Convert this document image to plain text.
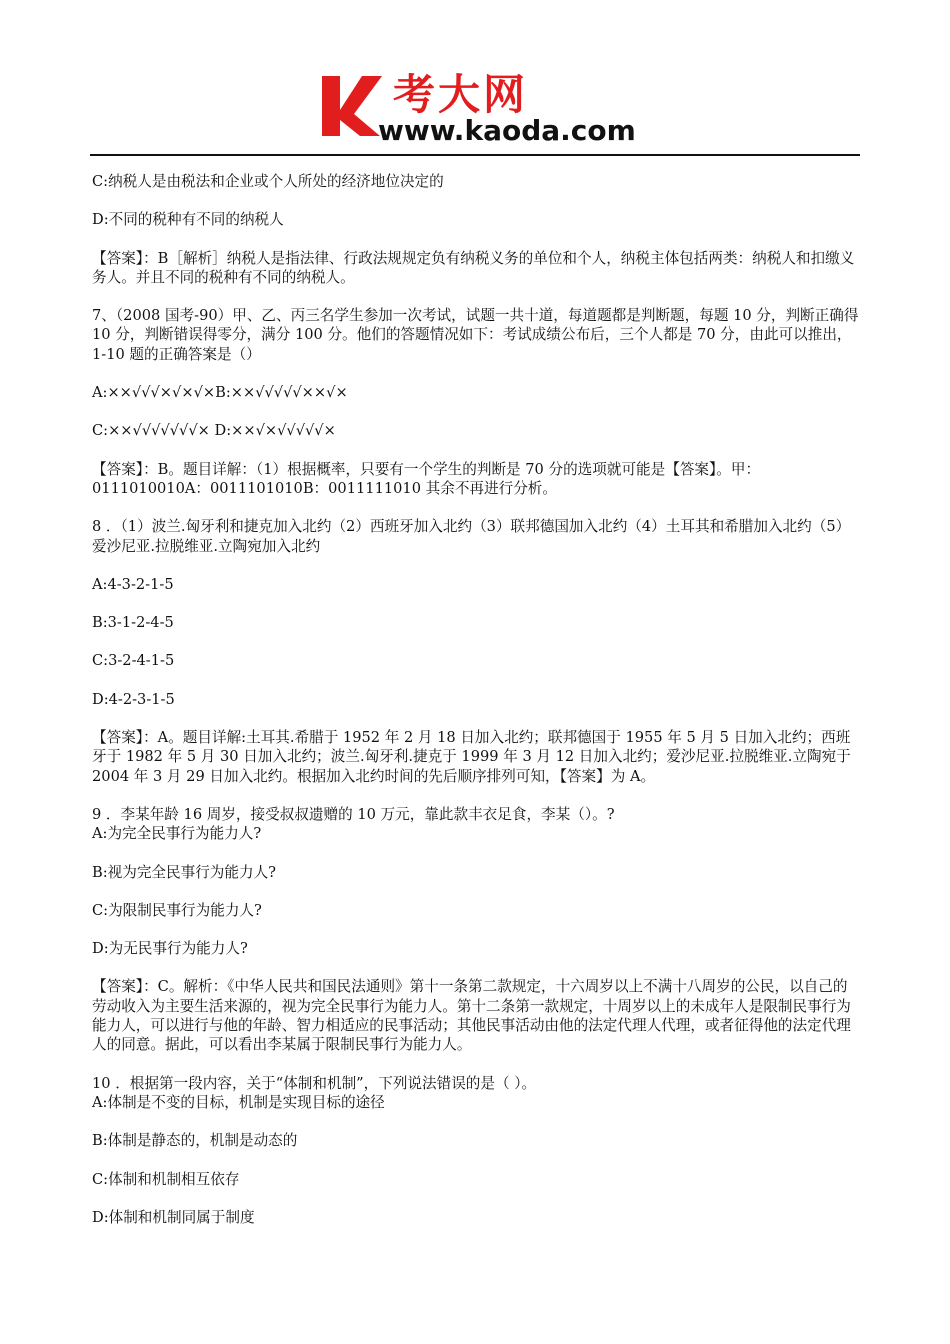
考大网
www.kaoda.com

C:纳税人是由税法和企业或个人所处的经济地位决定的

D:不同的税种有不同的纳税人

【答案】：B［解析］纳税人是指法律、行政法规规定负有纳税义务的单位和个人，纳税主体包括两类：纳税人和扣缴义务人。并且不同的税种有不同的纳税人。

7、（2008 国考-90）甲、乙、丙三名学生参加一次考试，试题一共十道，每道题都是判断题，每题 10 分，判断正确得 10 分，判断错误得零分，满分 100 分。他们的答题情况如下：考试成绩公布后，三个人都是 70 分，由此可以推出，1-10 题的正确答案是（）

A:××√√√×√×√×B:××√√√√√××√×

C:××√√√√√√√× D:××√×√√√√√×

【答案】：B。题目详解：（1）根据概率，只要有一个学生的判断是 70 分的选项就可能是【答案】。甲：0111010010A：0011101010B：0011111010 其余不再进行分析。

8 ．（1）波兰.匈牙利和捷克加入北约（2）西班牙加入北约（3）联邦德国加入北约（4）土耳其和希腊加入北约（5）爱沙尼亚.拉脱维亚.立陶宛加入北约

A:4-3-2-1-5

B:3-1-2-4-5

C:3-2-4-1-5

D:4-2-3-1-5

【答案】：A。题目详解:土耳其.希腊于 1952 年 2 月 18 日加入北约；联邦德国于 1955 年 5 月 5 日加入北约；西班牙于 1982 年 5 月 30 日加入北约；波兰.匈牙利.捷克于 1999 年 3 月 12 日加入北约；爱沙尼亚.拉脱维亚.立陶宛于 2004 年 3 月 29 日加入北约。根据加入北约时间的先后顺序排列可知，【答案】为 A。

9 ．李某年龄 16 周岁，接受叔叔遗赠的 10 万元，靠此款丰衣足食，李某（）。?

A:为完全民事行为能力人?

B:视为完全民事行为能力人?

C:为限制民事行为能力人?

D:为无民事行为能力人?

【答案】：C。解析：《中华人民共和国民法通则》第十一条第二款规定，十六周岁以上不满十八周岁的公民，以自己的劳动收入为主要生活来源的，视为完全民事行为能力人。第十二条第一款规定，十周岁以上的未成年人是限制民事行为能力人，可以进行与他的年龄、智力相适应的民事活动；其他民事活动由他的法定代理人代理，或者征得他的法定代理人的同意。据此，可以看出李某属于限制民事行为能力人。

10 ．根据第一段内容，关于“体制和机制”，下列说法错误的是（ ）。

A:体制是不变的目标，机制是实现目标的途径

B:体制是静态的，机制是动态的

C:体制和机制相互依存

D:体制和机制同属于制度
